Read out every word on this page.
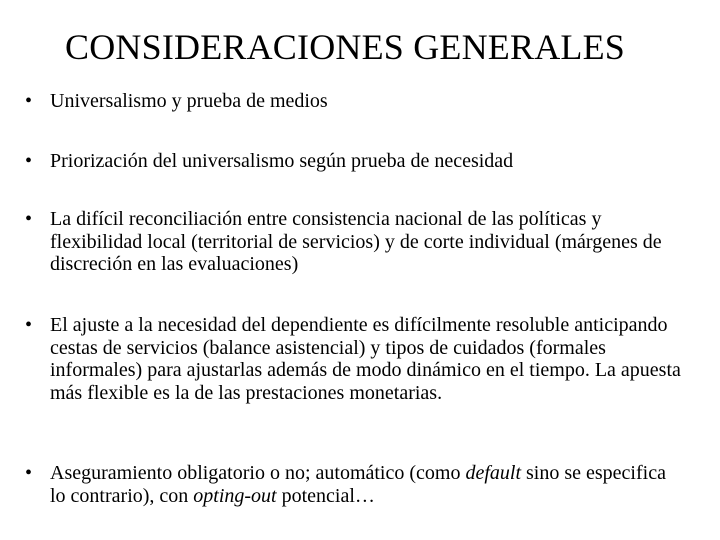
CONSIDERACIONES GENERALES
• Universalismo y prueba de medios
• Priorización del universalismo según prueba de necesidad
• La difícil reconciliación entre consistencia nacional de las políticas y flexibilidad local (territorial de servicios) y de corte individual (márgenes de discreción en las evaluaciones)
• El ajuste a la necesidad del dependiente es difícilmente resoluble anticipando cestas de servicios (balance asistencial) y tipos de cuidados (formales informales) para ajustarlas además de modo dinámico en el tiempo. La apuesta más flexible es la de las prestaciones monetarias.
• Aseguramiento obligatorio o no; automático (como default sino se especifica lo contrario), con opting-out potencial…
